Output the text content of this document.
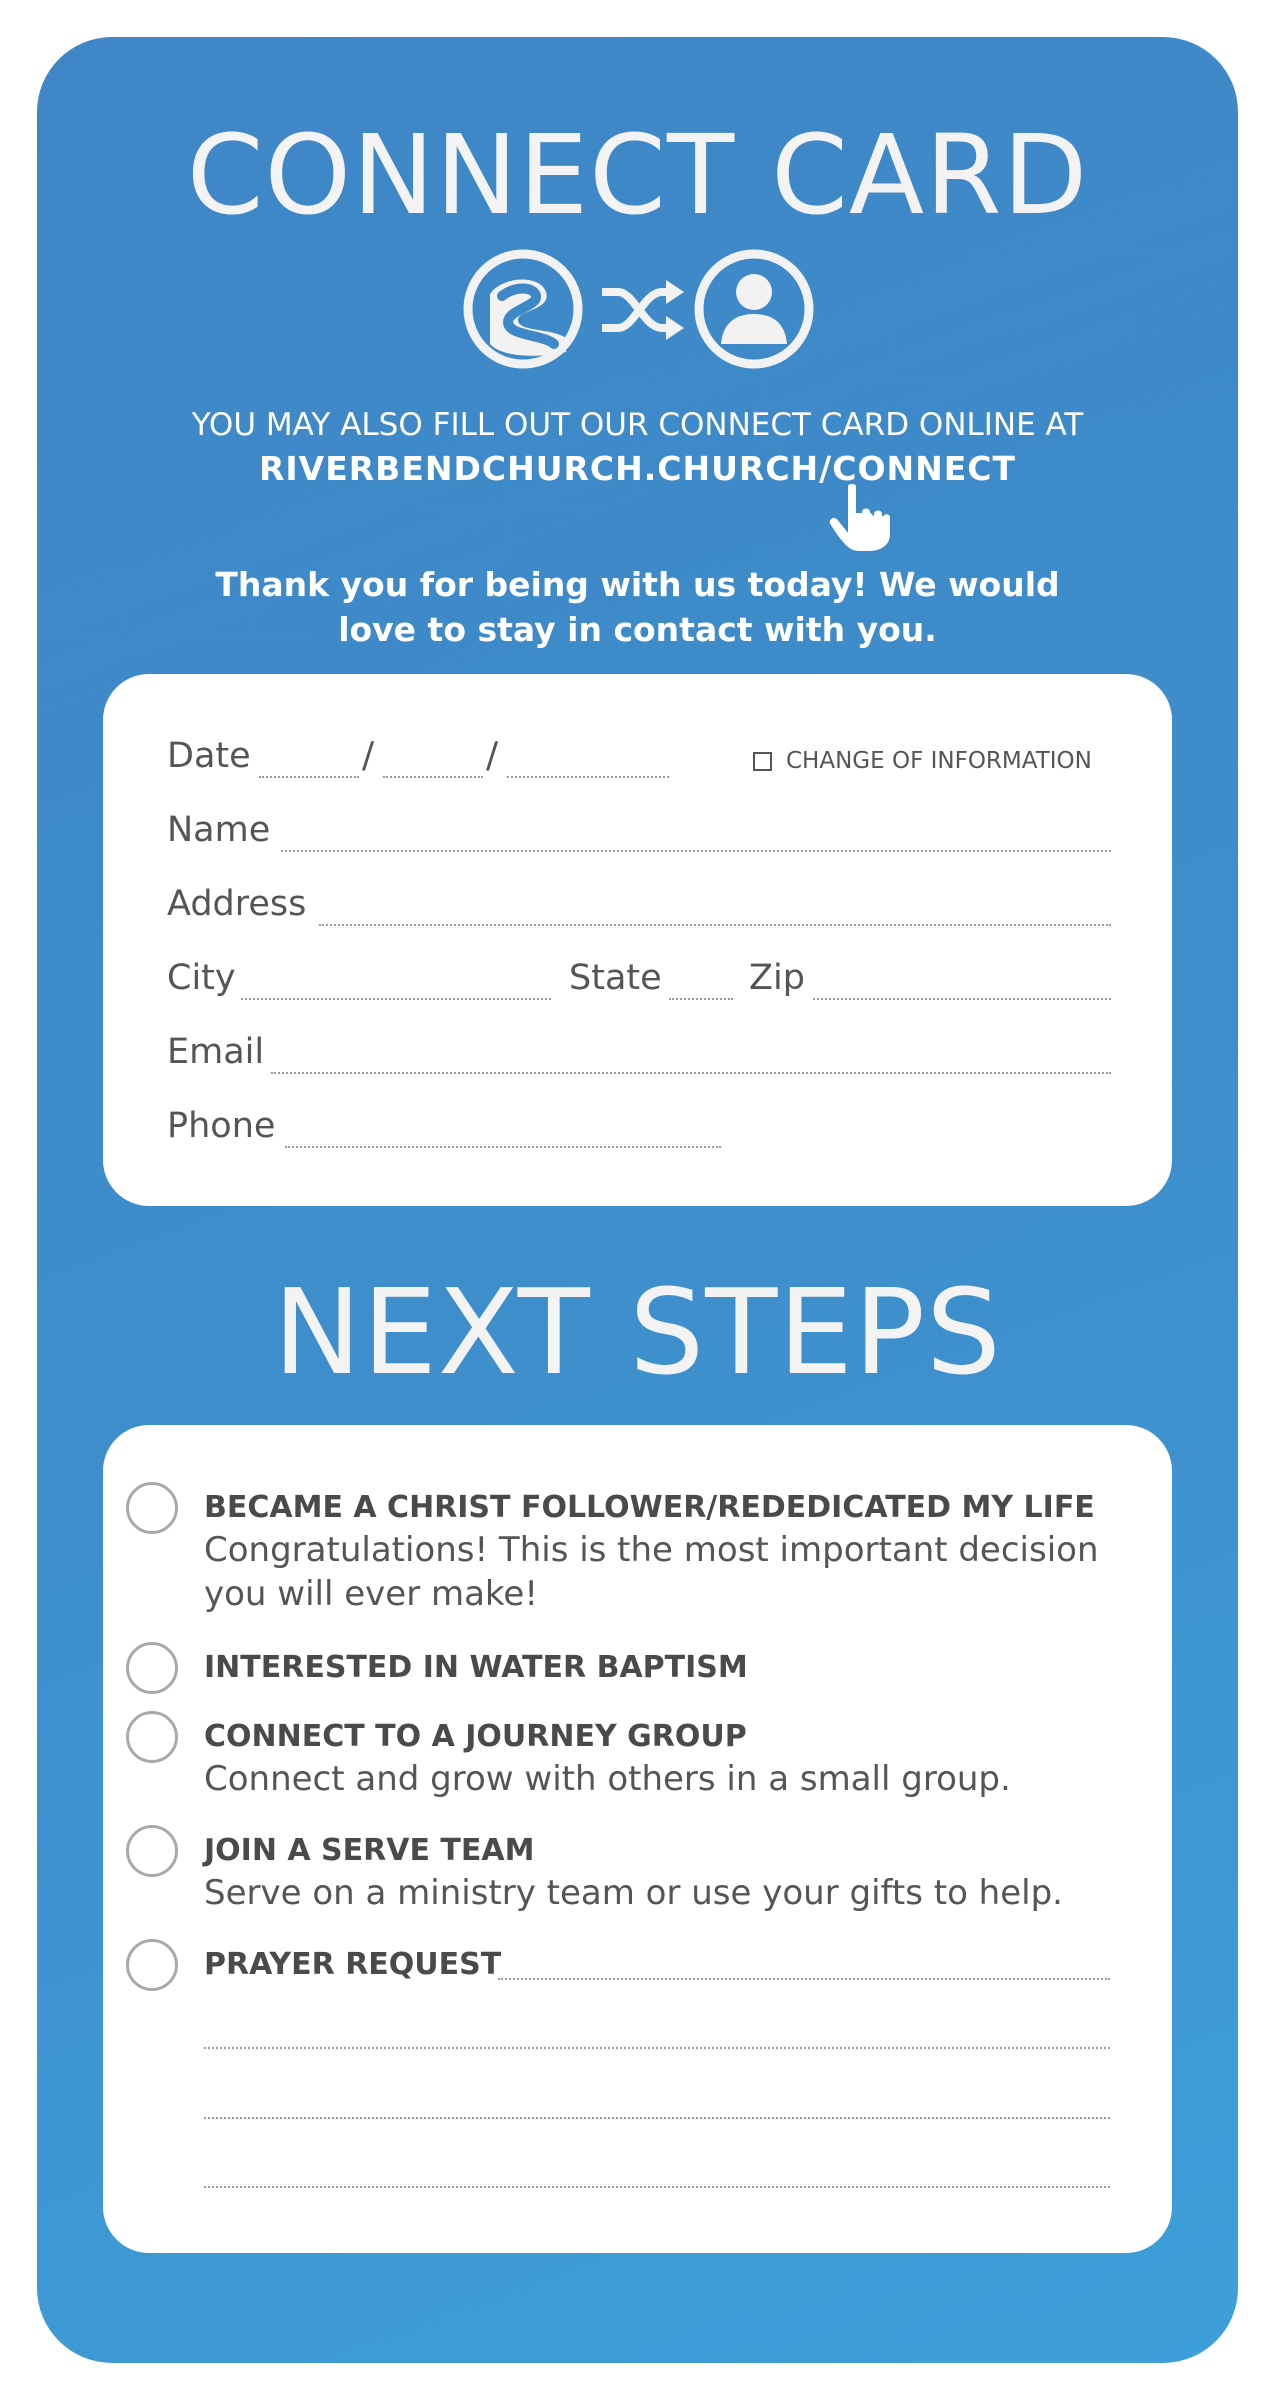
CONNECT CARD
YOU MAY ALSO FILL OUT OUR CONNECT CARD ONLINE AT
RIVERBENDCHURCH.CHURCH/CONNECT
Thank you for being with us today! We would love to stay in contact with you.
Date	/	/	CHANGE OF INFORMATION
Name
Address
City	State Zip
Email
Phone
NEXT STEPS
BECAME A CHRIST FOLLOWER/REDEDICATED MY LIFE
Congratulations! This is the most important decision you will ever make!
INTERESTED IN WATER BAPTISM
CONNECT TO A JOURNEY GROUP
Connect and grow with others in a small group.
JOIN A SERVE TEAM
Serve on a ministry team or use your gifts to help.
PRAYER REQUEST
